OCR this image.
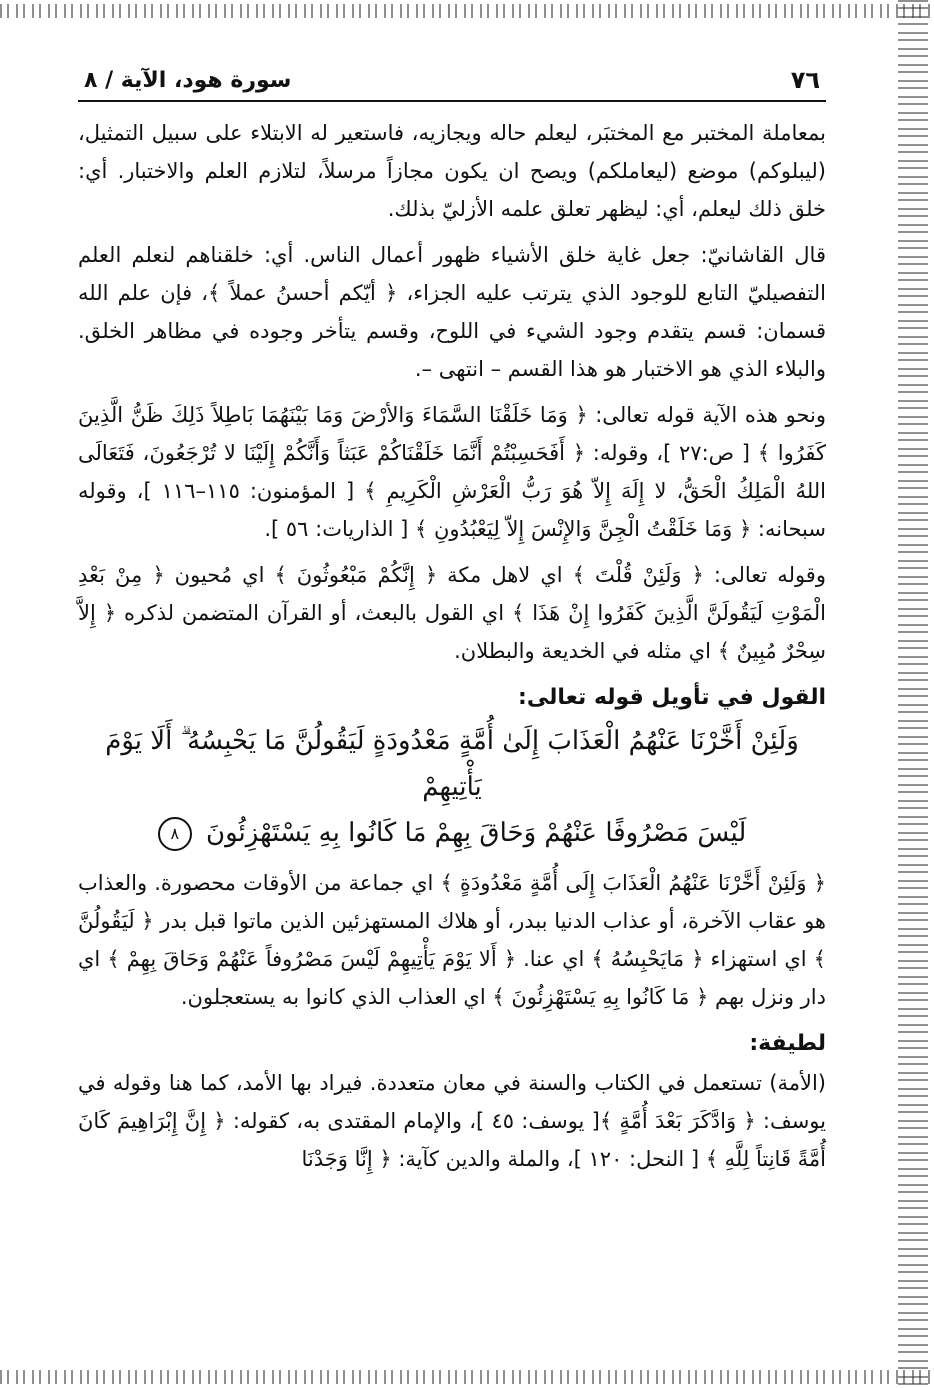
٧٦
سورة هود، الآية / ٨

بمعاملة المختبر مع المختبَر، ليعلم حاله ويجازيه، فاستعير له الابتلاء على سبيل التمثيل، (ليبلوكم) موضع (ليعاملكم) ويصح ان يكون مجازاً مرسلاً، لتلازم العلم والاختبار. أي: خلق ذلك ليعلم، أي: ليظهر تعلق علمه الأزليّ بذلك.

قال القاشانيّ: جعل غاية خلق الأشياء ظهور أعمال الناس. أي: خلقناهم لنعلم العلم التفصيليّ التابع للوجود الذي يترتب عليه الجزاء، ﴿ أيّكم أحسنُ عملاً ﴾، فإن علم الله قسمان: قسم يتقدم وجود الشيء في اللوح، وقسم يتأخر وجوده في مظاهر الخلق. والبلاء الذي هو الاختبار هو هذا القسم – انتهى –.

ونحو هذه الآية قوله تعالى: ﴿ وَمَا خَلَقْنَا السَّمَاءَ وَالأرْضَ وَمَا بَيْنَهُمَا بَاطِلاً ذَلِكَ ظَنُّ الَّذِينَ كَفَرُوا ﴾ [ ص:٢٧ ]، وقوله: ﴿ أَفَحَسِبْتُمْ أَنَّمَا خَلَقْنَاكُمْ عَبَثاً وَأَنَّكُمْ إِلَيْنَا لا تُرْجَعُونَ، فَتَعَالَى اللهُ الْمَلِكُ الْحَقُّ، لا إِلَهَ إِلاّ هُوَ رَبُّ الْعَرْشِ الْكَرِيمِ ﴾ [ المؤمنون: ١١٥–١١٦ ]، وقوله سبحانه: ﴿ وَمَا خَلَقْتُ الْجِنَّ وَالإِنْسَ إِلاّ لِيَعْبُدُونِ ﴾ [ الذاريات: ٥٦ ].

وقوله تعالى: ﴿ وَلَئِنْ قُلْتَ ﴾ اي لاهل مكة ﴿ إِنَّكُمْ مَبْعُوثُونَ ﴾ اي مُحيون ﴿ مِنْ بَعْدِ الْمَوْتِ لَيَقُولَنَّ الَّذِينَ كَفَرُوا إِنْ هَذَا ﴾ اي القول بالبعث، أو القرآن المتضمن لذكره ﴿ إِلاَّ سِحْرٌ مُبِينٌ ﴾ اي مثله في الخديعة والبطلان.

القول في تأويل قوله تعالى:
وَلَئِنْ أَخَّرْنَا عَنْهُمُ الْعَذَابَ إِلَىٰ أُمَّةٍ مَعْدُودَةٍ لَيَقُولُنَّ مَا يَحْبِسُهُ ۗ أَلَا يَوْمَ يَأْتِيهِمْ
لَيْسَ مَصْرُوفًا عَنْهُمْ وَحَاقَ بِهِمْ مَا كَانُوا بِهِ يَسْتَهْزِئُونَ ٨

﴿ وَلَئِنْ أَخَّرْنَا عَنْهُمُ الْعَذَابَ إِلَى أُمَّةٍ مَعْدُودَةٍ ﴾ اي جماعة من الأوقات محصورة. والعذاب هو عقاب الآخرة، أو عذاب الدنيا ببدر، أو هلاك المستهزئين الذين ماتوا قبل بدر ﴿ لَيَقُولُنَّ ﴾ اي استهزاء ﴿ مَايَحْبِسُهُ ﴾ اي عنا. ﴿ أَلا يَوْمَ يَأْتِيهِمْ لَيْسَ مَصْرُوفاً عَنْهُمْ وَحَاقَ بِهِمْ ﴾ اي دار ونزل بهم ﴿ مَا كَانُوا بِهِ يَسْتَهْزِئُونَ ﴾ اي العذاب الذي كانوا به يستعجلون.

لطيفة:

(الأمة) تستعمل في الكتاب والسنة في معان متعددة. فيراد بها الأمد، كما هنا وقوله في يوسف: ﴿ وَادَّكَرَ بَعْدَ أُمَّةٍ ﴾[ يوسف: ٤٥ ]، والإمام المقتدى به، كقوله: ﴿ إِنَّ إِبْرَاهِيمَ كَانَ أُمَّةً قَانِتاً لِلَّهِ ﴾ [ النحل: ١٢٠ ]، والملة والدين كآية: ﴿ إِنَّا وَجَدْنَا
